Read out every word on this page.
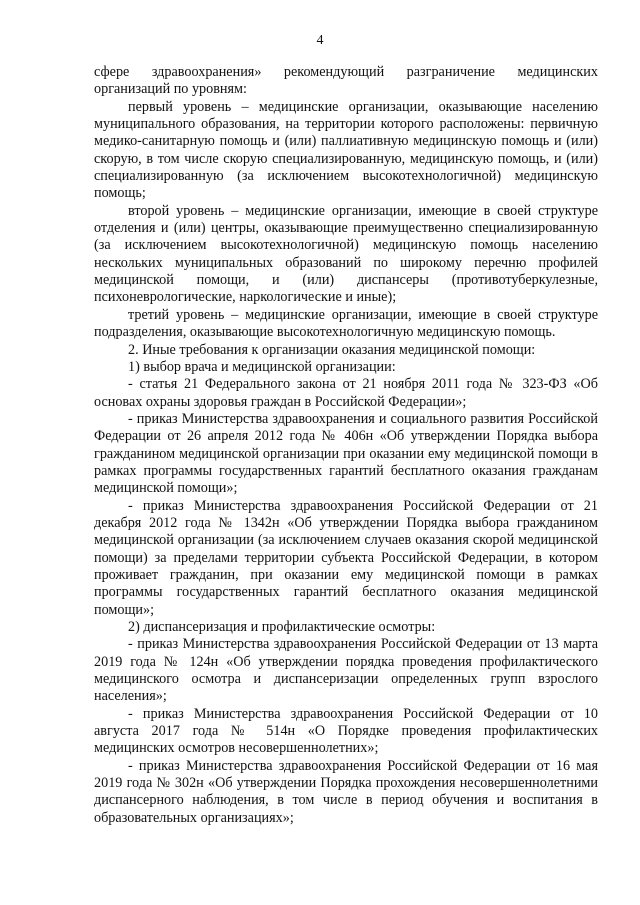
4

сфере здравоохранения» рекомендующий разграничение медицинских организаций по уровням:

первый уровень – медицинские организации, оказывающие населению муниципального образования, на территории которого расположены: первичную медико-санитарную помощь и (или) паллиативную медицинскую помощь и (или) скорую, в том числе скорую специализированную, медицинскую помощь, и (или) специализированную (за исключением высокотехнологичной) медицинскую помощь;

второй уровень – медицинские организации, имеющие в своей структуре отделения и (или) центры, оказывающие преимущественно специализированную (за исключением высокотехнологичной) медицинскую помощь населению нескольких муниципальных образований по широкому перечню профилей медицинской помощи, и (или) диспансеры (противотуберкулезные, психоневрологические, наркологические и иные);

третий уровень – медицинские организации, имеющие в своей структуре подразделения, оказывающие высокотехнологичную медицинскую помощь.

2. Иные требования к организации оказания медицинской помощи:

1) выбор врача и медицинской организации:

- статья 21 Федерального закона от 21 ноября 2011 года № 323-ФЗ «Об основах охраны здоровья граждан в Российской Федерации»;

- приказ Министерства здравоохранения и социального развития Российской Федерации от 26 апреля 2012 года № 406н «Об утверждении Порядка выбора гражданином медицинской организации при оказании ему медицинской помощи в рамках программы государственных гарантий бесплатного оказания гражданам медицинской помощи»;

- приказ Министерства здравоохранения Российской Федерации от 21 декабря 2012 года № 1342н «Об утверждении Порядка выбора гражданином медицинской организации (за исключением случаев оказания скорой медицинской помощи) за пределами территории субъекта Российской Федерации, в котором проживает гражданин, при оказании ему медицинской помощи в рамках программы государственных гарантий бесплатного оказания медицинской помощи»;

2) диспансеризация и профилактические осмотры:

- приказ Министерства здравоохранения Российской Федерации от 13 марта 2019 года № 124н «Об утверждении порядка проведения профилактического медицинского осмотра и диспансеризации определенных групп взрослого населения»;

- приказ Министерства здравоохранения Российской Федерации от 10 августа 2017 года № 514н «О Порядке проведения профилактических медицинских осмотров несовершеннолетних»;

- приказ Министерства здравоохранения Российской Федерации от 16 мая 2019 года № 302н «Об утверждении Порядка прохождения несовершеннолетними диспансерного наблюдения, в том числе в период обучения и воспитания в образовательных организациях»;
